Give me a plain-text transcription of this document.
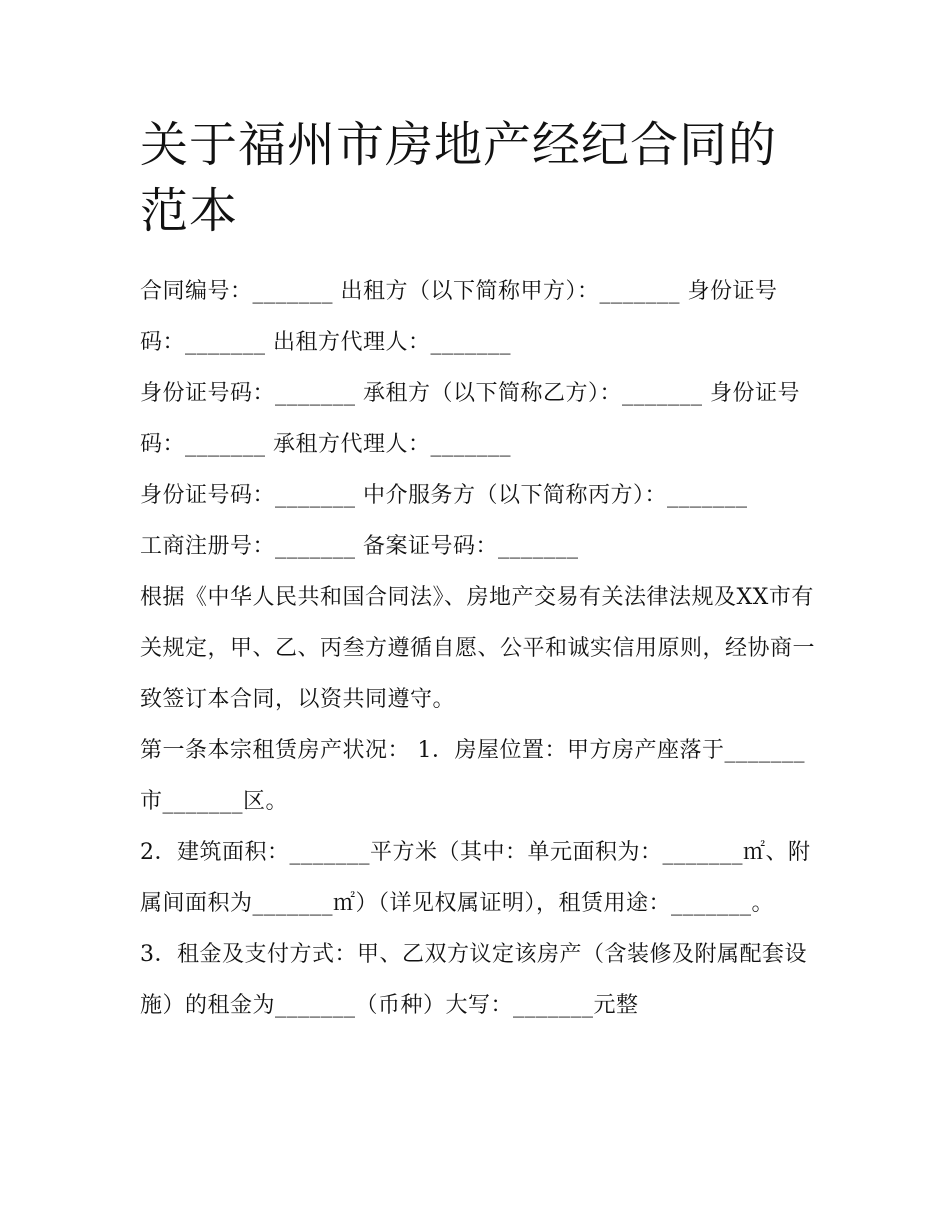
关于福州市房地产经纪合同的范本

合同编号：_______ 出租方（以下简称甲方）：_______ 身份证号码：_______ 出租方代理人：_______

身份证号码：_______ 承租方（以下简称乙方）：_______ 身份证号码：_______ 承租方代理人：_______

身份证号码：_______ 中介服务方（以下简称丙方）：_______

工商注册号：_______ 备案证号码：_______

根据《中华人民共和国合同法》、房地产交易有关法律法规及XX市有关规定，甲、乙、丙叁方遵循自愿、公平和诚实信用原则，经协商一致签订本合同，以资共同遵守。

第一条本宗租赁房产状况： 1．房屋位置：甲方房产座落于_______市_______区。

2．建筑面积：_______平方米（其中：单元面积为：_______㎡、附属间面积为_______㎡）（详见权属证明），租赁用途：_______。

3．租金及支付方式：甲、乙双方议定该房产（含装修及附属配套设施）的租金为_______（币种）大写：_______元整
